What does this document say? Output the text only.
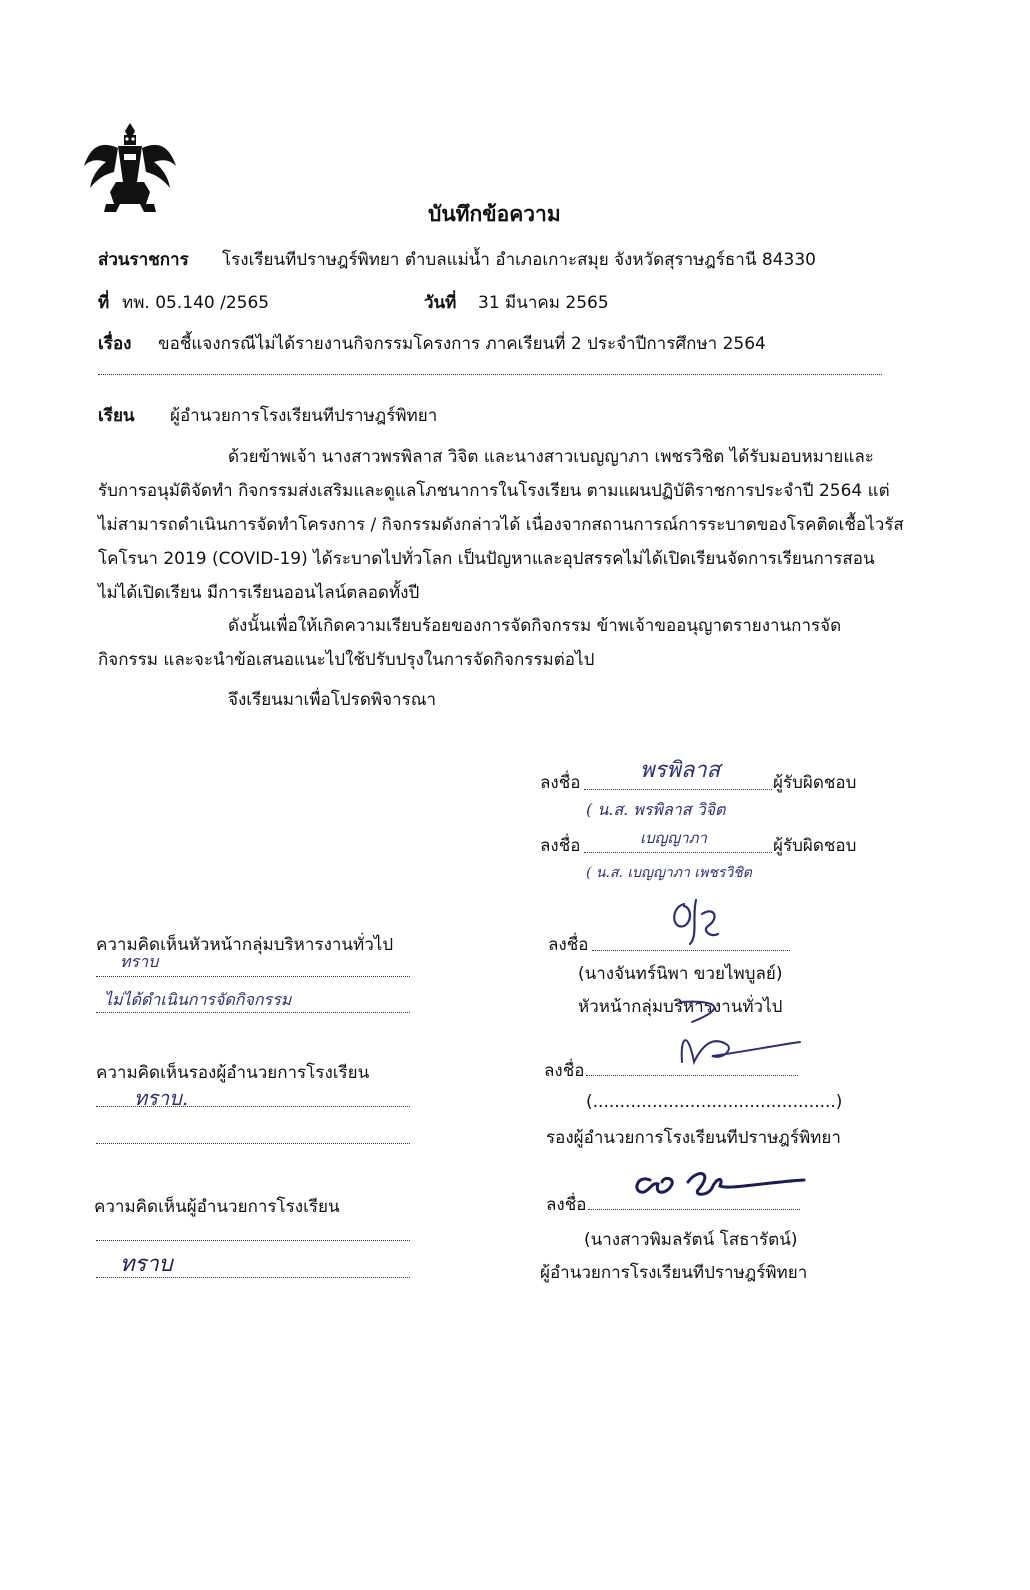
บันทึกข้อความ
ส่วนราชการ โรงเรียนทีปราษฎร์พิทยา ตำบลแม่น้ำ อำเภอเกาะสมุย จังหวัดสุราษฎร์ธานี 84330
ที่ ทพ. 05.140 /2565	วันที่ 31 มีนาคม 2565
เรื่อง ขอชี้แจงกรณีไม่ได้รายงานกิจกรรมโครงการ ภาคเรียนที่ 2 ประจำปีการศึกษา 2564
เรียน ผู้อำนวยการโรงเรียนทีปราษฎร์พิทยา
ด้วยข้าพเจ้า นางสาวพรพิลาส วิจิต และนางสาวเบญญาภา เพชรวิชิต ได้รับมอบหมายและ
รับการอนุมัติจัดทำ กิจกรรมส่งเสริมและดูแลโภชนาการในโรงเรียน ตามแผนปฏิบัติราชการประจำปี 2564 แต่
ไม่สามารถดำเนินการจัดทำโครงการ / กิจกรรมดังกล่าวได้ เนื่องจากสถานการณ์การระบาดของโรคติดเชื้อไวรัส
โคโรนา 2019 (COVID-19) ได้ระบาดไปทั่วโลก เป็นปัญหาและอุปสรรคไม่ได้เปิดเรียนจัดการเรียนการสอน
ไม่ได้เปิดเรียน มีการเรียนออนไลน์ตลอดทั้งปี
ดังนั้นเพื่อให้เกิดความเรียบร้อยของการจัดกิจกรรม ข้าพเจ้าขออนุญาตรายงานการจัด
กิจกรรม และจะนำข้อเสนอแนะไปใช้ปรับปรุงในการจัดกิจกรรมต่อไป
จึงเรียนมาเพื่อโปรดพิจารณา
ลงชื่อ	พรพิลาส	ผู้รับผิดชอบ
( น.ส. พรพิลาส วิจิต
ลงชื่อ	เบญญาภา	ผู้รับผิดชอบ
( น.ส. เบญญาภา เพชรวิชิต
ความคิดเห็นหัวหน้ากลุ่มบริหารงานทั่วไป
ทราบ
ไม่ได้ดำเนินการจัดกิจกรรม
ลงชื่อ
(นางจันทร์นิพา ขวยไพบูลย์)
หัวหน้ากลุ่มบริหารงานทั่วไป
ความคิดเห็นรองผู้อำนวยการโรงเรียน
ทราบ.
ลงชื่อ
(.............................................)
รองผู้อำนวยการโรงเรียนทีปราษฎร์พิทยา
ความคิดเห็นผู้อำนวยการโรงเรียน
ทราบ
ลงชื่อ
(นางสาวพิมลรัตน์ โสธารัตน์)
ผู้อำนวยการโรงเรียนทีปราษฎร์พิทยา
